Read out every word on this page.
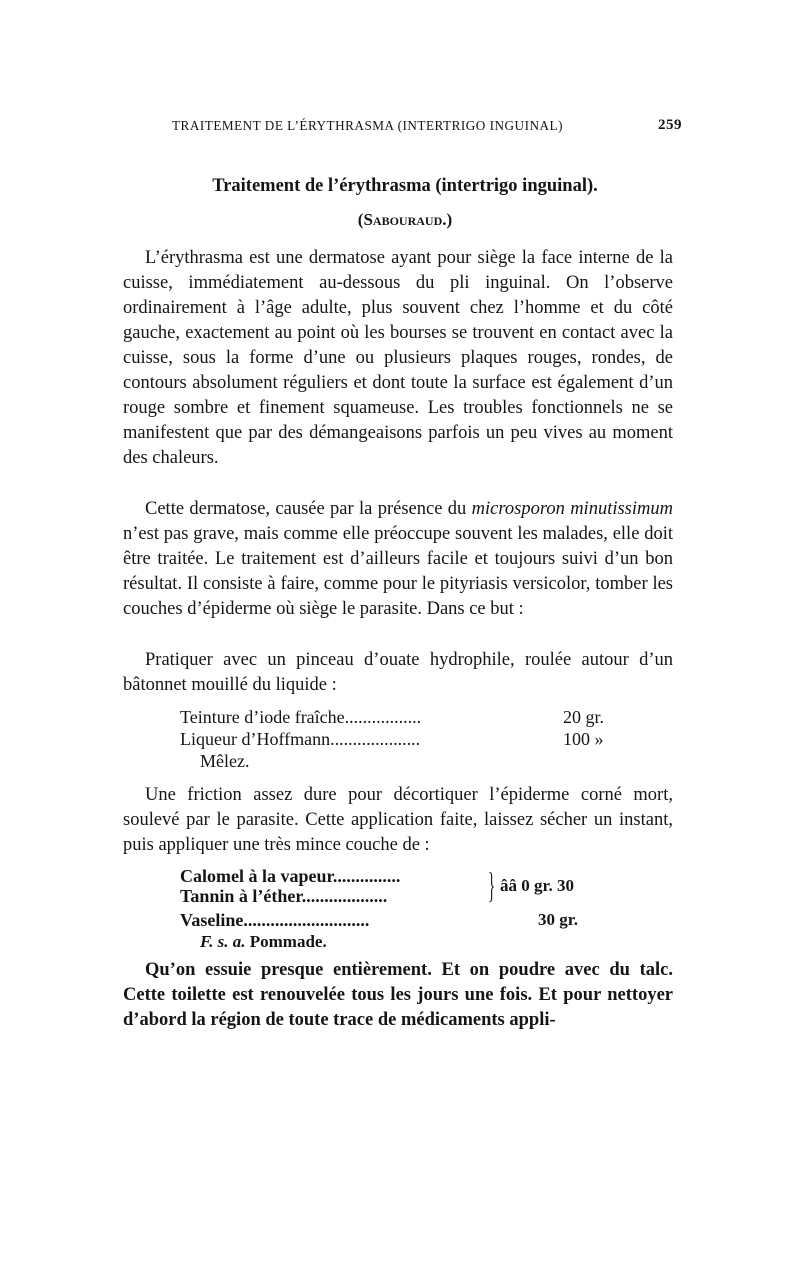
TRAITEMENT DE L’ÉRYTHRASMA (INTERTRIGO INGUINAL)	259
Traitement de l’érythrasma (intertrigo inguinal).
(Sabouraud.)

L’érythrasma est une dermatose ayant pour siège la face interne de la cuisse, immédiatement au-dessous du pli inguinal. On l’observe ordinairement à l’âge adulte, plus souvent chez l’homme et du côté gauche, exactement au point où les bourses se trouvent en contact avec la cuisse, sous la forme d’une ou plusieurs plaques rouges, rondes, de contours absolument réguliers et dont toute la surface est également d’un rouge sombre et finement squameuse. Les troubles fonctionnels ne se manifestent que par des démangeaisons parfois un peu vives au moment des chaleurs.

Cette dermatose, causée par la présence du microsporon minutissimum n’est pas grave, mais comme elle préoccupe souvent les malades, elle doit être traitée. Le traitement est d’ailleurs facile et toujours suivi d’un bon résultat. Il consiste à faire, comme pour le pityriasis versicolor, tomber les couches d’épiderme où siège le parasite. Dans ce but :

Pratiquer avec un pinceau d’ouate hydrophile, roulée autour d’un bâtonnet mouillé du liquide :

Teinture d’iode fraîche.................	20 gr.
Liqueur d’Hoffmann....................	100 »
Mêlez.

Une friction assez dure pour décortiquer l’épiderme corné mort, soulevé par le parasite. Cette application faite, laissez sécher un instant, puis appliquer une très mince couche de :

Calomel à la vapeur...............
Tannin à l’éther...................	} ââ 0 gr. 30
Vaseline............................	30 gr.
F. s. a. Pommade.

Qu’on essuie presque entièrement. Et on poudre avec du talc. Cette toilette est renouvelée tous les jours une fois. Et pour nettoyer d’abord la région de toute trace de médicaments appli-
